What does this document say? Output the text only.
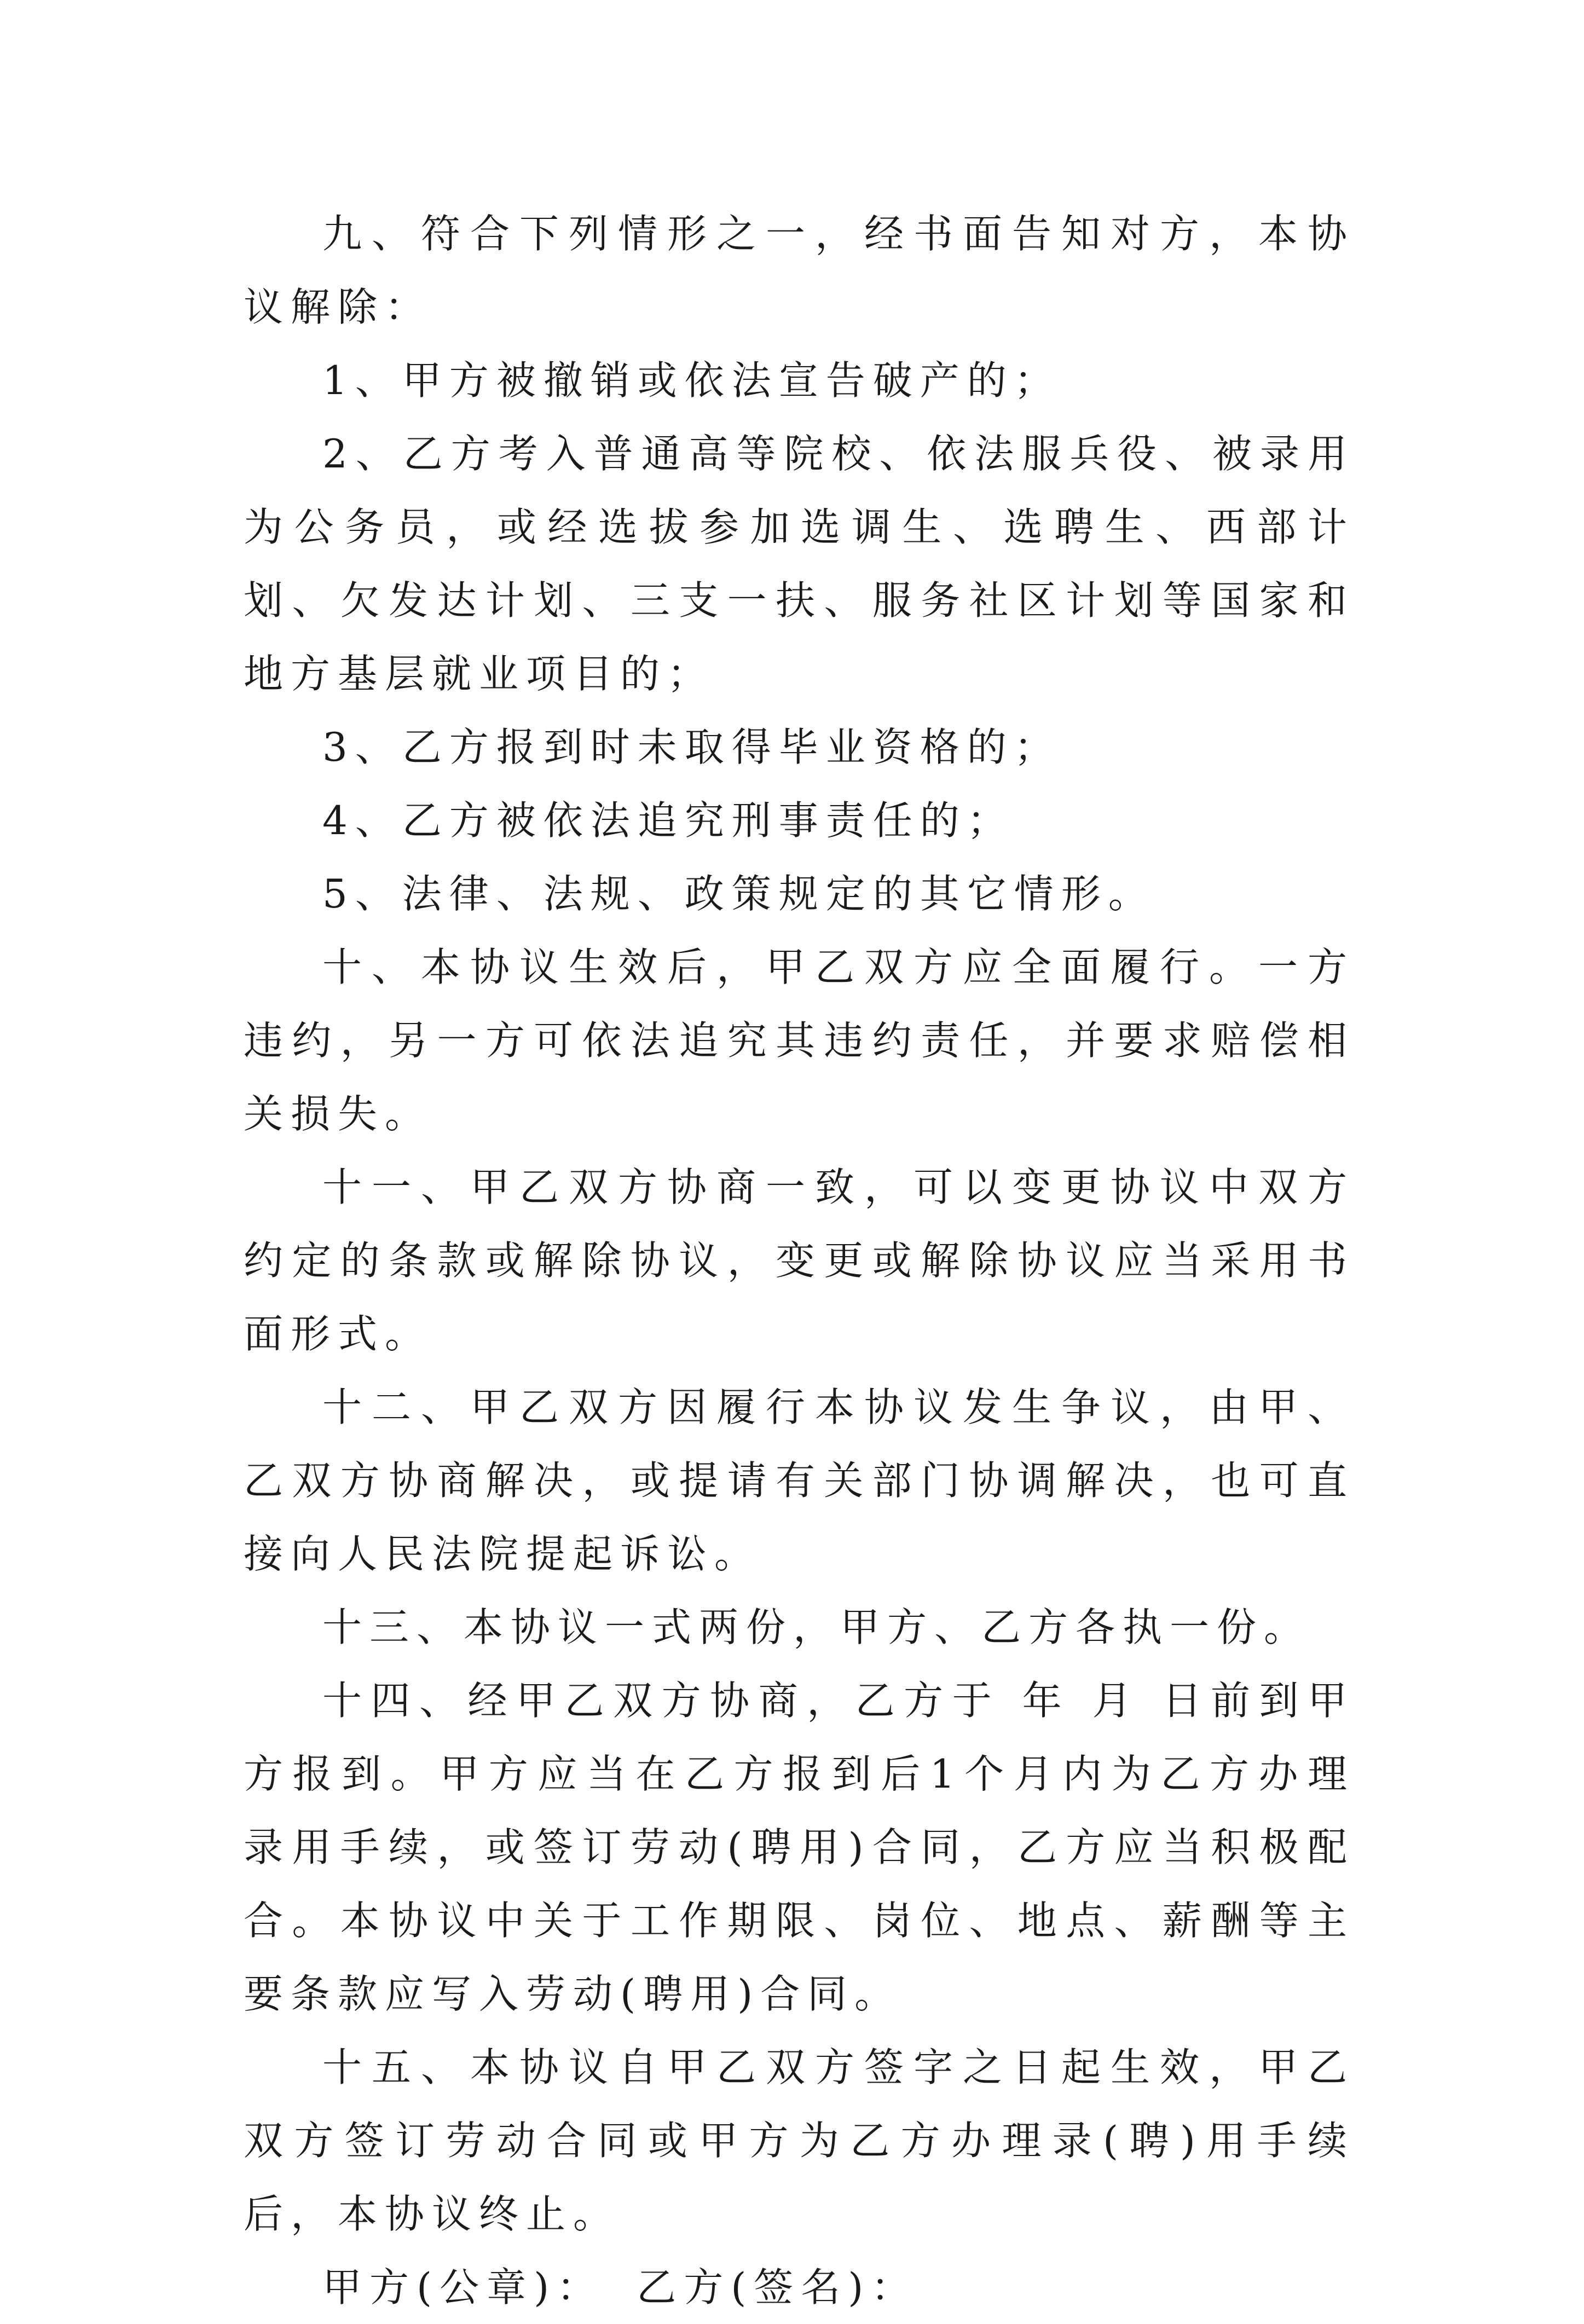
九、符合下列情形之一，经书面告知对方，本协议解除：

1、甲方被撤销或依法宣告破产的；

2、乙方考入普通高等院校、依法服兵役、被录用为公务员，或经选拔参加选调生、选聘生、西部计划、欠发达计划、三支一扶、服务社区计划等国家和地方基层就业项目的；

3、乙方报到时未取得毕业资格的；

4、乙方被依法追究刑事责任的；

5、法律、法规、政策规定的其它情形。

十、本协议生效后，甲乙双方应全面履行。一方违约，另一方可依法追究其违约责任，并要求赔偿相关损失。

十一、甲乙双方协商一致，可以变更协议中双方约定的条款或解除协议，变更或解除协议应当采用书面形式。

十二、甲乙双方因履行本协议发生争议，由甲、乙双方协商解决，或提请有关部门协调解决，也可直接向人民法院提起诉讼。

十三、本协议一式两份，甲方、乙方各执一份。

十四、经甲乙双方协商，乙方于 年 月 日前到甲方报到。甲方应当在乙方报到后1个月内为乙方办理录用手续，或签订劳动(聘用)合同，乙方应当积极配合。本协议中关于工作期限、岗位、地点、薪酬等主要条款应写入劳动(聘用)合同。

十五、本协议自甲乙双方签字之日起生效，甲乙双方签订劳动合同或甲方为乙方办理录(聘)用手续后，本协议终止。

甲方(公章)： 乙方(签名)：
